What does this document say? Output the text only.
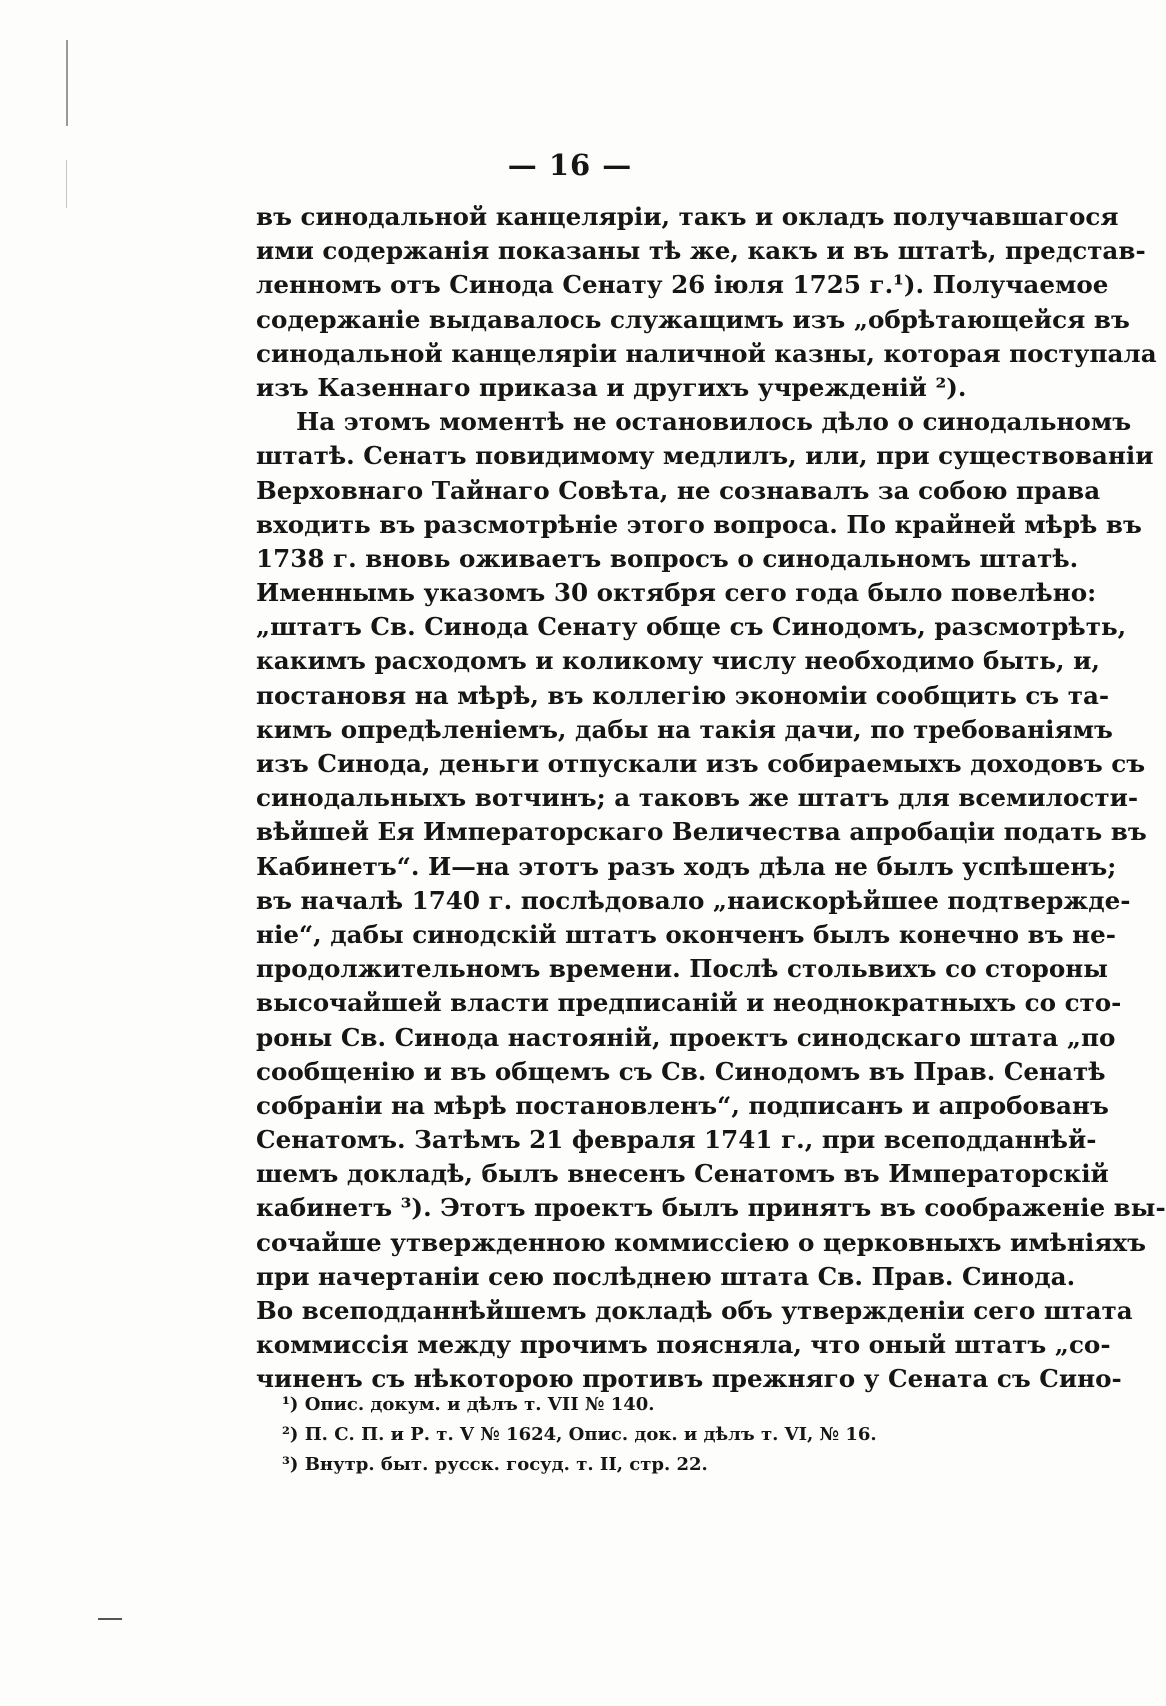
— 16 —
въ синодальной канцеляріи, такъ и окладъ получавшагося
ими содержанія показаны тѣ же, какъ и въ штатѣ, представ-
ленномъ отъ Синода Сенату 26 іюля 1725 г.¹). Получаемое
содержаніе выдавалось служащимъ изъ „обрѣтающейся въ
синодальной канцеляріи наличной казны, которая поступала
изъ Казеннаго приказа и другихъ учрежденій ²).
На этомъ моментѣ не остановилось дѣло о синодальномъ
штатѣ. Сенатъ повидимому медлилъ, или, при существованіи
Верховнаго Тайнаго Совѣта, не сознавалъ за собою права
входить въ разсмотрѣніе этого вопроса. По крайней мѣрѣ въ
1738 г. вновь оживаетъ вопросъ о синодальномъ штатѣ.
Именнымь указомъ 30 октября сего года было повелѣно:
„штатъ Св. Синода Сенату обще съ Синодомъ, разсмотрѣть,
какимъ расходомъ и коликому числу необходимо быть, и,
постановя на мѣрѣ, въ коллегію экономіи сообщить съ та-
кимъ опредѣленіемъ, дабы на такія дачи, по требованіямъ
изъ Синода, деньги отпускали изъ собираемыхъ доходовъ съ
синодальныхъ вотчинъ; а таковъ же штатъ для всемилости-
вѣйшей Ея Императорскаго Величества апробаціи подать въ
Кабинетъ“. И—на этотъ разъ ходъ дѣла не былъ успѣшенъ;
въ началѣ 1740 г. послѣдовало „наискорѣйшее подтвержде-
ніе“, дабы синодскій штатъ оконченъ былъ конечно въ не-
продолжительномъ времени. Послѣ стольвихъ со стороны
высочайшей власти предписаній и неоднократныхъ со сто-
роны Св. Синода настояній, проектъ синодскаго штата „по
сообщенію и въ общемъ съ Св. Синодомъ въ Прав. Сенатѣ
собраніи на мѣрѣ постановленъ“, подписанъ и апробованъ
Сенатомъ. Затѣмъ 21 февраля 1741 г., при всеподданнѣй-
шемъ докладѣ, былъ внесенъ Сенатомъ въ Императорскій
кабинетъ ³). Этотъ проектъ былъ принятъ въ соображеніе вы-
сочайше утвержденною коммиссіею о церковныхъ имѣніяхъ
при начертаніи сею послѣднею штата Св. Прав. Синода.
Во всеподданнѣйшемъ докладѣ объ утвержденіи сего штата
коммиссія между прочимъ поясняла, что оный штатъ „со-
чиненъ съ нѣкоторою противъ прежняго у Сената съ Сино-
¹) Опис. докум. и дѣлъ т. VII № 140.
²) П. С. П. и Р. т. V № 1624, Опис. док. и дѣлъ т. VI, № 16.
³) Внутр. быт. русск. госуд. т. II, стр. 22.
